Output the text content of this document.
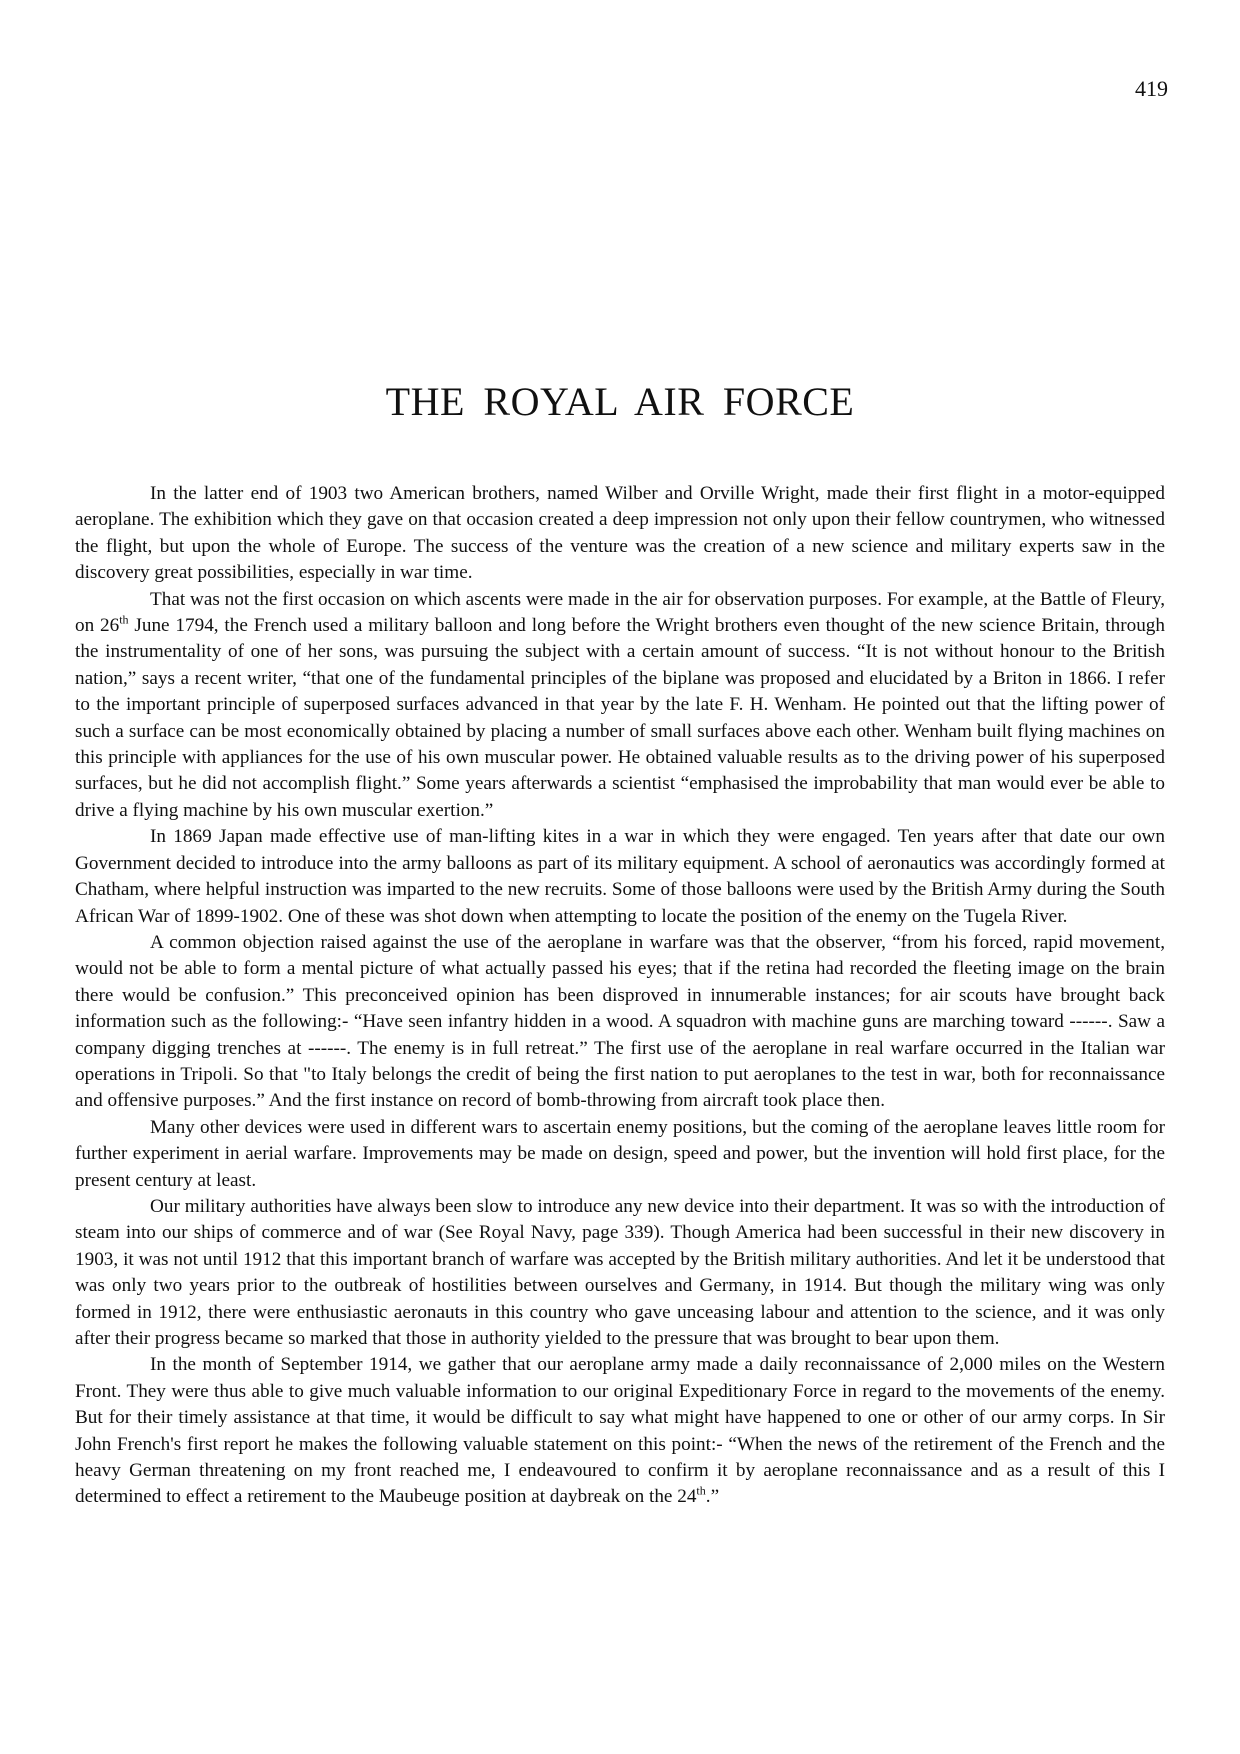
419
THE ROYAL AIR FORCE

In the latter end of 1903 two American brothers, named Wilber and Orville Wright, made their first flight in a motor-equipped aeroplane. The exhibition which they gave on that occasion created a deep impression not only upon their fellow countrymen, who witnessed the flight, but upon the whole of Europe. The success of the venture was the creation of a new science and military experts saw in the discovery great possibilities, especially in war time.

That was not the first occasion on which ascents were made in the air for observation purposes. For example, at the Battle of Fleury, on 26th June 1794, the French used a military balloon and long before the Wright brothers even thought of the new science Britain, through the instrumentality of one of her sons, was pursuing the subject with a certain amount of success. “It is not without honour to the British nation,” says a recent writer, “that one of the fundamental principles of the biplane was proposed and elucidated by a Briton in 1866. I refer to the important principle of superposed surfaces advanced in that year by the late F. H. Wenham. He pointed out that the lifting power of such a surface can be most economically obtained by placing a number of small surfaces above each other. Wenham built flying machines on this principle with appliances for the use of his own muscular power. He obtained valuable results as to the driving power of his superposed surfaces, but he did not accomplish flight.” Some years afterwards a scientist “emphasised the improbability that man would ever be able to drive a flying machine by his own muscular exertion.”

In 1869 Japan made effective use of man-lifting kites in a war in which they were engaged. Ten years after that date our own Government decided to introduce into the army balloons as part of its military equipment. A school of aeronautics was accordingly formed at Chatham, where helpful instruction was imparted to the new recruits. Some of those balloons were used by the British Army during the South African War of 1899-1902. One of these was shot down when attempting to locate the position of the enemy on the Tugela River.

A common objection raised against the use of the aeroplane in warfare was that the observer, “from his forced, rapid movement, would not be able to form a mental picture of what actually passed his eyes; that if the retina had recorded the fleeting image on the brain there would be confusion.” This preconceived opinion has been disproved in innumerable instances; for air scouts have brought back information such as the following:- “Have seen infantry hidden in a wood. A squadron with machine guns are marching toward ------. Saw a company digging trenches at ------. The enemy is in full retreat.” The first use of the aeroplane in real warfare occurred in the Italian war operations in Tripoli. So that "to Italy belongs the credit of being the first nation to put aeroplanes to the test in war, both for reconnaissance and offensive purposes.” And the first instance on record of bomb-throwing from aircraft took place then.

Many other devices were used in different wars to ascertain enemy positions, but the coming of the aeroplane leaves little room for further experiment in aerial warfare. Improvements may be made on design, speed and power, but the invention will hold first place, for the present century at least.

Our military authorities have always been slow to introduce any new device into their department. It was so with the introduction of steam into our ships of commerce and of war (See Royal Navy, page 339). Though America had been successful in their new discovery in 1903, it was not until 1912 that this important branch of warfare was accepted by the British military authorities. And let it be understood that was only two years prior to the outbreak of hostilities between ourselves and Germany, in 1914. But though the military wing was only formed in 1912, there were enthusiastic aeronauts in this country who gave unceasing labour and attention to the science, and it was only after their progress became so marked that those in authority yielded to the pressure that was brought to bear upon them.

In the month of September 1914, we gather that our aeroplane army made a daily reconnaissance of 2,000 miles on the Western Front. They were thus able to give much valuable information to our original Expeditionary Force in regard to the movements of the enemy. But for their timely assistance at that time, it would be difficult to say what might have happened to one or other of our army corps. In Sir John French's first report he makes the following valuable statement on this point:- “When the news of the retirement of the French and the heavy German threatening on my front reached me, I endeavoured to confirm it by aeroplane reconnaissance and as a result of this I determined to effect a retirement to the Maubeuge position at daybreak on the 24th.”
